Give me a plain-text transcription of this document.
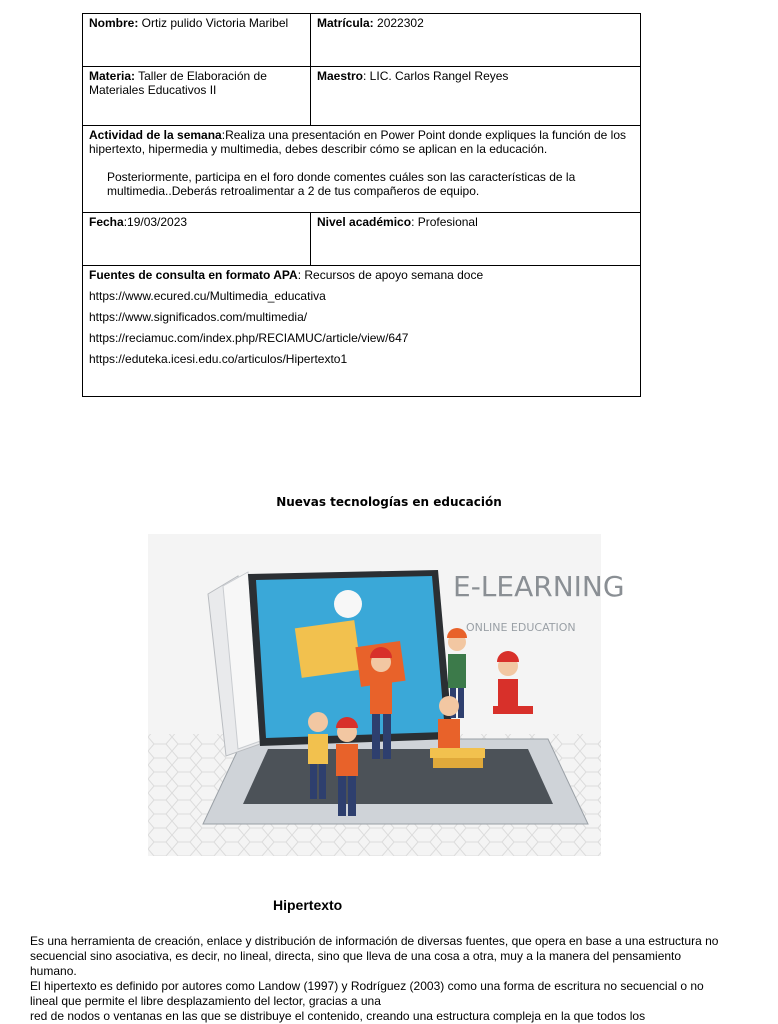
Nombre: Ortiz pulido Victoria Maribel	Matrícula: 2022302
Materia: Taller de Elaboración de Materiales Educativos II	Maestro: LIC. Carlos Rangel Reyes
Actividad de la semana:Realiza una presentación en Power Point donde expliques la función de los hipertexto, hipermedia y multimedia, debes describir cómo se aplican en la educación.
Posteriormente, participa en el foro donde comentes cuáles son las características de la multimedia..Deberás retroalimentar a 2 de tus compañeros de equipo.	

Fecha:19/03/2023	Nivel académico: Profesional

Fuentes de consulta en formato APA: Recursos de apoyo semana doce
https://www.ecured.cu/Multimedia_educativa
https://www.significados.com/multimedia/
https://reciamuc.com/index.php/RECIAMUC/article/view/647
https://eduteka.icesi.edu.co/articulos/Hipertexto1	
Nuevas tecnologías en educación
E-LEARNING
ONLINE EDUCATION
Hipertexto

Es una herramienta de creación, enlace y distribución de información de diversas fuentes, que opera en base a una estructura no secuencial sino asociativa, es decir, no lineal, directa, sino que lleva de una cosa a otra, muy a la manera del pensamiento humano.

El hipertexto es definido por autores como Landow (1997) y Rodríguez (2003) como una forma de escritura no secuencial o no lineal que permite el libre desplazamiento del lector, gracias a una

red de nodos o ventanas en las que se distribuye el contenido, creando una estructura compleja en la que todos los
